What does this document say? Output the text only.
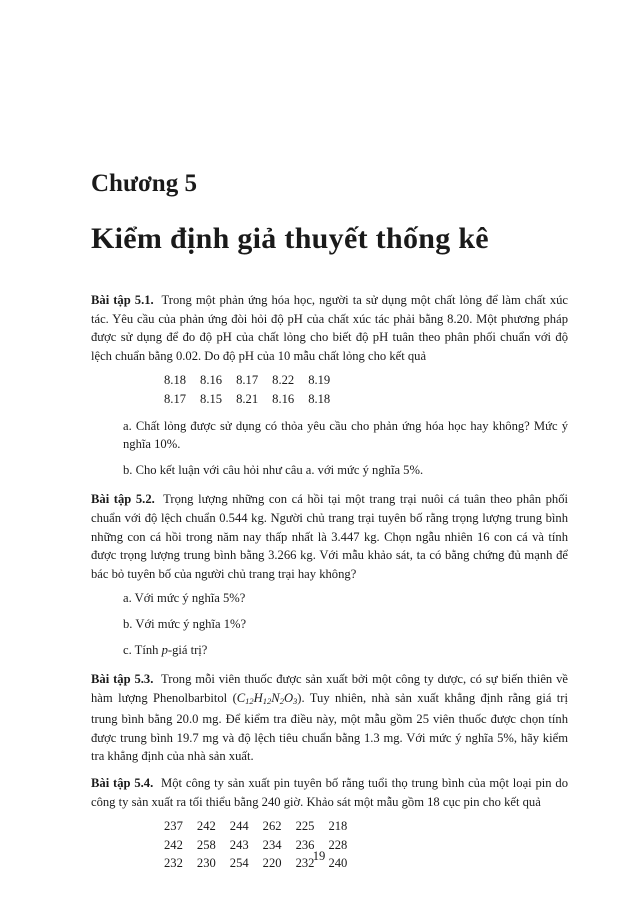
Chương 5
Kiểm định giả thuyết thống kê

Bài tập 5.1. Trong một phản ứng hóa học, người ta sử dụng một chất lỏng để làm chất xúc tác. Yêu cầu của phản ứng đòi hỏi độ pH của chất xúc tác phải bằng 8.20. Một phương pháp được sử dụng để đo độ pH của chất lỏng cho biết độ pH tuân theo phân phối chuẩn với độ lệch chuẩn bằng 0.02. Do độ pH của 10 mẫu chất lỏng cho kết quả

8.18	8.16	8.17	8.22	8.19
8.17	8.15	8.21	8.16	8.18

a. Chất lỏng được sử dụng có thỏa yêu cầu cho phản ứng hóa học hay không? Mức ý nghĩa 10%.

b. Cho kết luận với câu hỏi như câu a. với mức ý nghĩa 5%.

Bài tập 5.2. Trọng lượng những con cá hồi tại một trang trại nuôi cá tuân theo phân phối chuẩn với độ lệch chuẩn 0.544 kg. Người chủ trang trại tuyên bố rằng trọng lượng trung bình những con cá hồi trong năm nay thấp nhất là 3.447 kg. Chọn ngẫu nhiên 16 con cá và tính được trọng lượng trung bình bằng 3.266 kg. Với mẫu khảo sát, ta có bằng chứng đủ mạnh để bác bỏ tuyên bố của người chủ trang trại hay không?

a. Với mức ý nghĩa 5%?

b. Với mức ý nghĩa 1%?

c. Tính p-giá trị?

Bài tập 5.3. Trong mỗi viên thuốc được sản xuất bởi một công ty dược, có sự biến thiên về hàm lượng Phenolbarbitol $(C_{12}H_{12}N_2O_3)$. Tuy nhiên, nhà sản xuất khẳng định rằng giá trị trung bình bằng 20.0 mg. Để kiểm tra điều này, một mẫu gồm 25 viên thuốc được chọn tính được trung bình 19.7 mg và độ lệch tiêu chuẩn bằng 1.3 mg. Với mức ý nghĩa 5%, hãy kiểm tra khẳng định của nhà sản xuất.

Bài tập 5.4. Một công ty sản xuất pin tuyên bố rằng tuổi thọ trung bình của một loại pin do công ty sản xuất ra tối thiểu bằng 240 giờ. Khảo sát một mẫu gồm 18 cục pin cho kết quả

237	242	244	262	225	218
242	258	243	234	236	228
232	230	254	220	232	240
19
